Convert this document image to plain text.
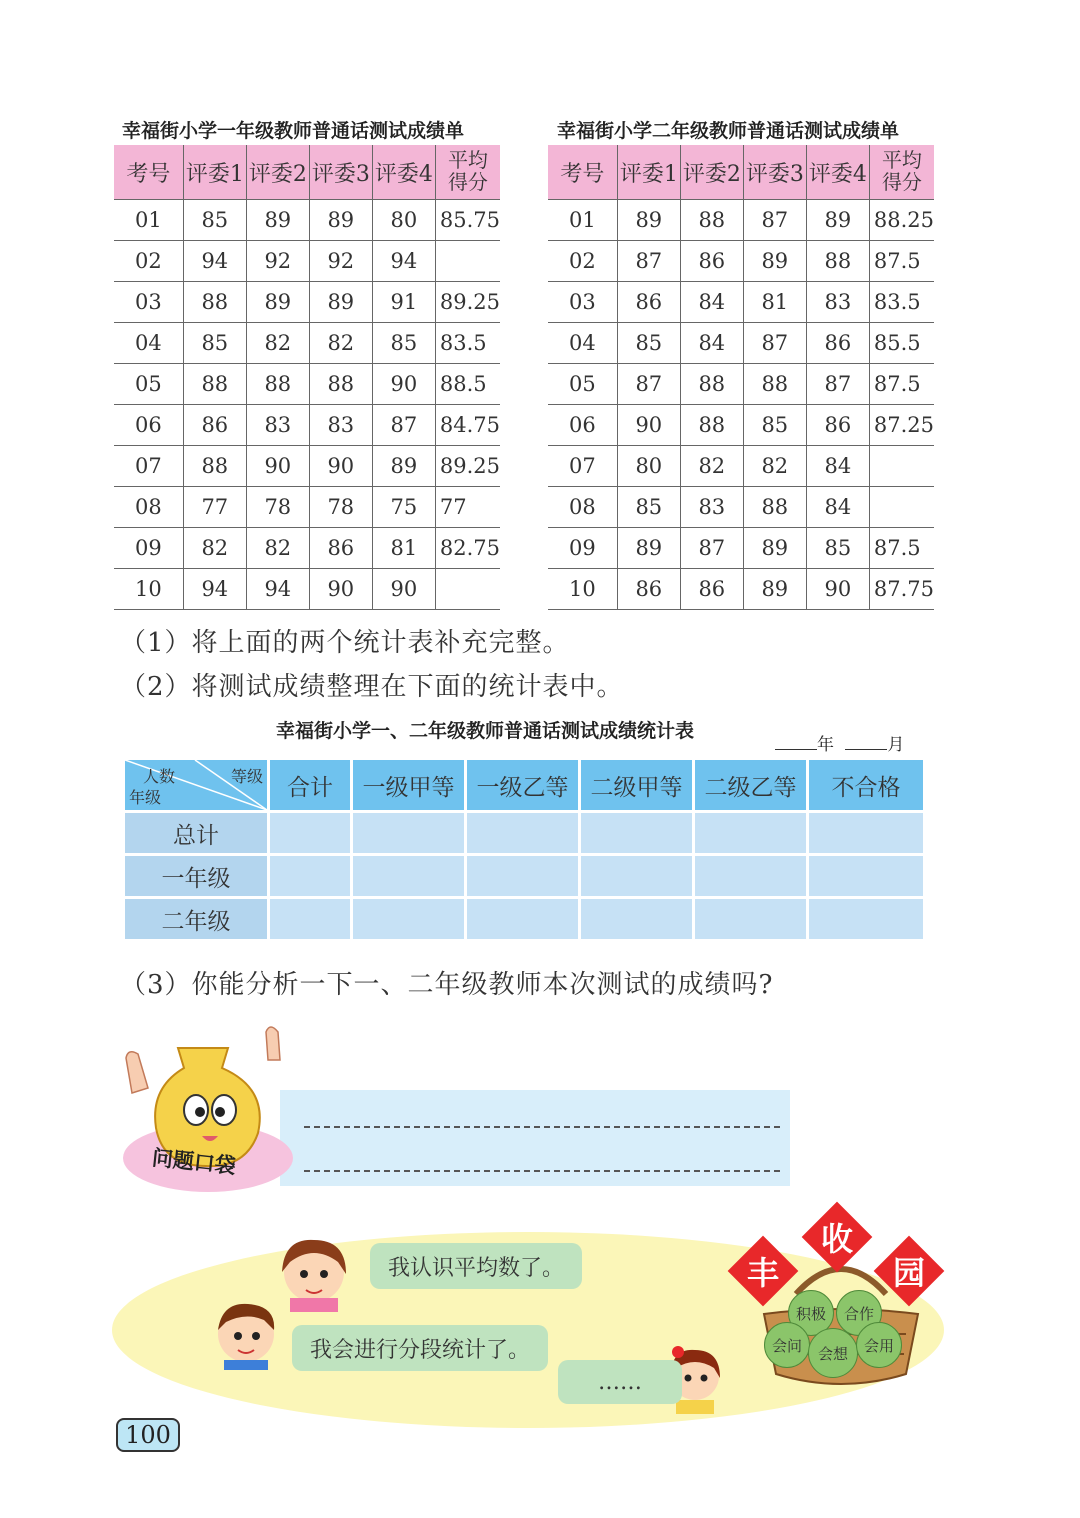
幸福街小学一年级教师普通话测试成绩单
考号	评委1	评委2	评委3	评委4	平均
得分
01	85	89	89	80	85.75
02	94	92	92	94	
03	88	89	89	91	89.25
04	85	82	82	85	83.5
05	88	88	88	90	88.5
06	86	83	83	87	84.75
07	88	90	90	89	89.25
08	77	78	78	75	77
09	82	82	86	81	82.75
10	94	94	90	90	
幸福街小学二年级教师普通话测试成绩单
考号	评委1	评委2	评委3	评委4	平均
得分
01	89	88	87	89	88.25
02	87	86	89	88	87.5
03	86	84	81	83	83.5
04	85	84	87	86	85.5
05	87	88	88	87	87.5
06	90	88	85	86	87.25
07	80	82	82	84	
08	85	83	88	84	
09	89	87	89	85	87.5
10	86	86	89	90	87.75
（1）将上面的两个统计表补充完整。
（2）将测试成绩整理在下面的统计表中。
幸福街小学一、二年级教师普通话测试成绩统计表
年	月
人数 等级
年级	合计	一级甲等	一级乙等	二级甲等	二级乙等	不合格
总计						
一年级						
二年级						
（3）你能分析一下一、二年级教师本次测试的成绩吗?
问题口袋
我认识平均数了。
我会进行分段统计了。
……
积极	合作
会问	会想	会用
丰
收
园
100
